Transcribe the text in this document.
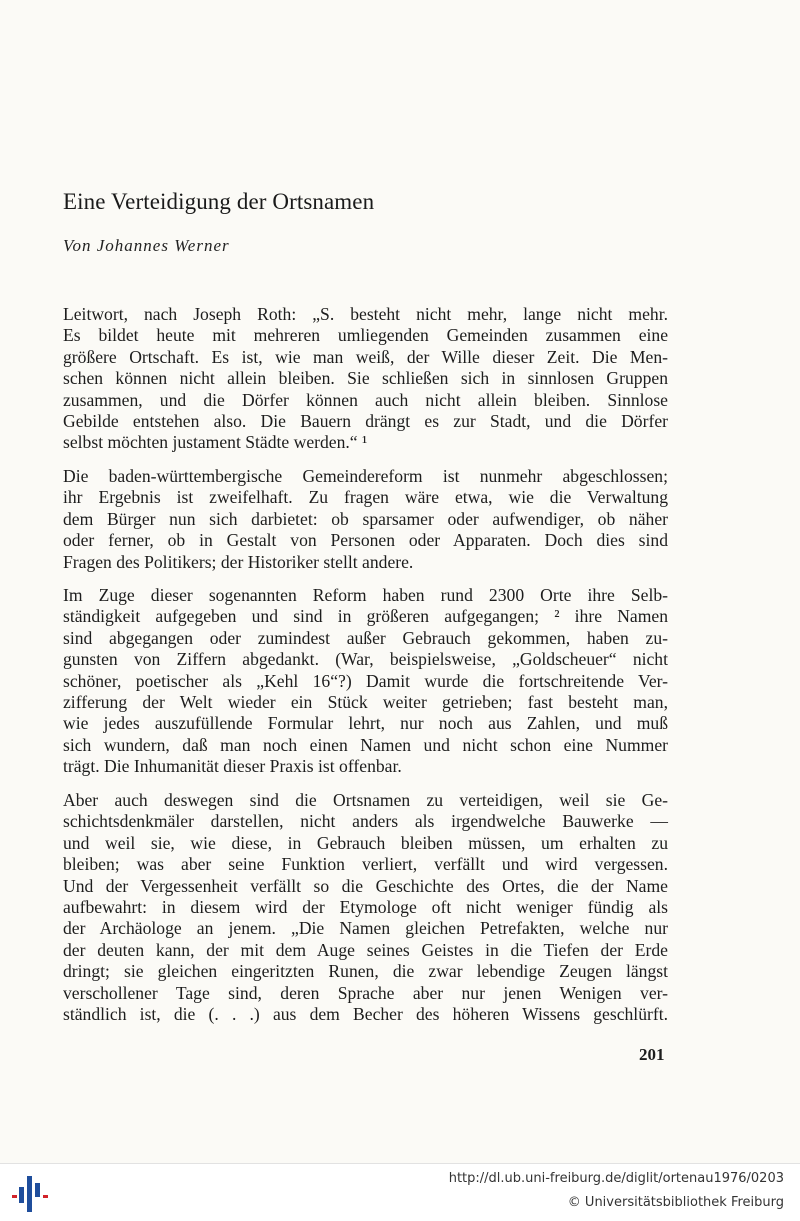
Eine Verteidigung der Ortsnamen
Von Johannes Werner
Leitwort, nach Joseph Roth: „S. besteht nicht mehr, lange nicht mehr.
Es bildet heute mit mehreren umliegenden Gemeinden zusammen eine
größere Ortschaft. Es ist, wie man weiß, der Wille dieser Zeit. Die Men-
schen können nicht allein bleiben. Sie schließen sich in sinnlosen Gruppen
zusammen, und die Dörfer können auch nicht allein bleiben. Sinnlose
Gebilde entstehen also. Die Bauern drängt es zur Stadt, und die Dörfer
selbst möchten justament Städte werden.“ ¹
Die baden-württembergische Gemeindereform ist nunmehr abgeschlossen;
ihr Ergebnis ist zweifelhaft. Zu fragen wäre etwa, wie die Verwaltung
dem Bürger nun sich darbietet: ob sparsamer oder aufwendiger, ob näher
oder ferner, ob in Gestalt von Personen oder Apparaten. Doch dies sind
Fragen des Politikers; der Historiker stellt andere.
Im Zuge dieser sogenannten Reform haben rund 2300 Orte ihre Selb-
ständigkeit aufgegeben und sind in größeren aufgegangen; ² ihre Namen
sind abgegangen oder zumindest außer Gebrauch gekommen, haben zu-
gunsten von Ziffern abgedankt. (War, beispielsweise, „Goldscheuer“ nicht
schöner, poetischer als „Kehl 16“?) Damit wurde die fortschreitende Ver-
zifferung der Welt wieder ein Stück weiter getrieben; fast besteht man,
wie jedes auszufüllende Formular lehrt, nur noch aus Zahlen, und muß
sich wundern, daß man noch einen Namen und nicht schon eine Nummer
trägt. Die Inhumanität dieser Praxis ist offenbar.
Aber auch deswegen sind die Ortsnamen zu verteidigen, weil sie Ge-
schichtsdenkmäler darstellen, nicht anders als irgendwelche Bauwerke —
und weil sie, wie diese, in Gebrauch bleiben müssen, um erhalten zu
bleiben; was aber seine Funktion verliert, verfällt und wird vergessen.
Und der Vergessenheit verfällt so die Geschichte des Ortes, die der Name
aufbewahrt: in diesem wird der Etymologe oft nicht weniger fündig als
der Archäologe an jenem. „Die Namen gleichen Petrefakten, welche nur
der deuten kann, der mit dem Auge seines Geistes in die Tiefen der Erde
dringt; sie gleichen eingeritzten Runen, die zwar lebendige Zeugen längst
verschollener Tage sind, deren Sprache aber nur jenen Wenigen ver-
ständlich ist, die (. . .) aus dem Becher des höheren Wissens geschlürft.
201
http://dl.ub.uni-freiburg.de/diglit/ortenau1976/0203
© Universitätsbibliothek Freiburg
